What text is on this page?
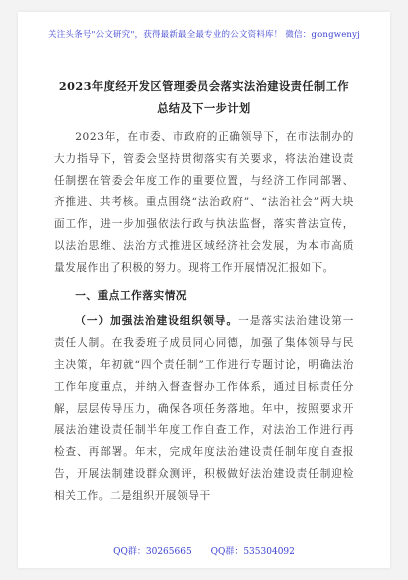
关注头条号"公文研究"，获得最新最全最专业的公文资料库！ 微信：gongwenyj
2023年度经开发区管理委员会落实法治建设责任制工作
总结及下一步计划

2023年，在市委、市政府的正确领导下，在市法制办的大力指导下，管委会坚持贯彻落实有关要求，将法治建设责任制摆在管委会年度工作的重要位置，与经济工作同部署、齐推进、共考核。重点围绕“法治政府”、“法治社会”两大块面工作，进一步加强依法行政与执法监督，落实普法宣传，以法治思维、法治方式推进区域经济社会发展，为本市高质量发展作出了积极的努力。现将工作开展情况汇报如下。

一、重点工作落实情况

（一）加强法治建设组织领导。一是落实法治建设第一责任人制。在我委班子成员同心同德，加强了集体领导与民主决策，年初就“四个责任制”工作进行专题讨论，明确法治工作年度重点，并纳入督查督办工作体系，通过目标责任分解，层层传导压力，确保各项任务落地。年中，按照要求开展法治建设责任制半年度工作自查工作，对法治工作进行再检查、再部署。年末，完成年度法治建设责任制年度自查报告，开展法制建设群众测评，积极做好法治建设责任制迎检相关工作。二是组织开展领导干

QQ群：30265665 QQ群：535304092
